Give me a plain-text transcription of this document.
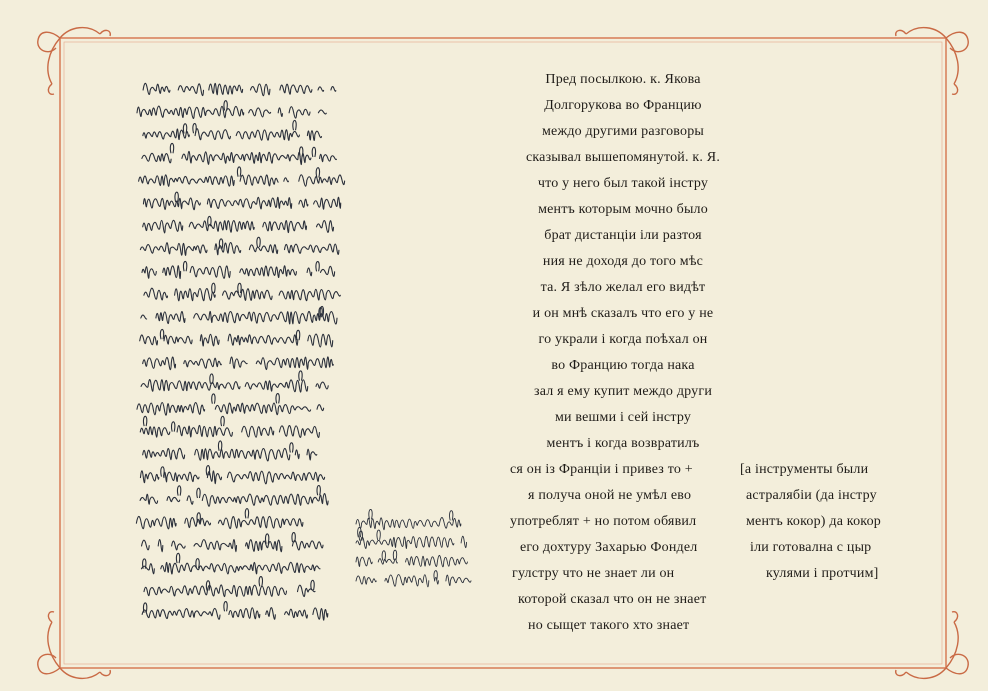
Пред посылкою. к. Якова
Долгорукова во Францию
междо другими разговоры
сказывал вышепомянутой. к. Я.
что у него был такой iнстру
ментъ которым мочно было
брат дистанцiи iли разтоя
ния не доходя до того мѣс
та. Я зѣло желал его видѣт
и он мнѣ сказалъ что его у не
го украли i когда поѣхал он
во Францию тогда нака
зал я ему купит междо други
ми вешми i сей iнстру
ментъ i когда возвратилъ
ся он iз Францiи i привез то +
я получа оной не умѣл ево
употреблят + но потом обявил
его дохтуру Захарью Фондел
гулстру что не знает ли он
которой сказал что он не знает
но сыщет такого хто знает
[а iнструменты были
астралябiи (да iнстру
ментъ кокор) да кокор
iли готовална с цыр
кулями i протчим]
